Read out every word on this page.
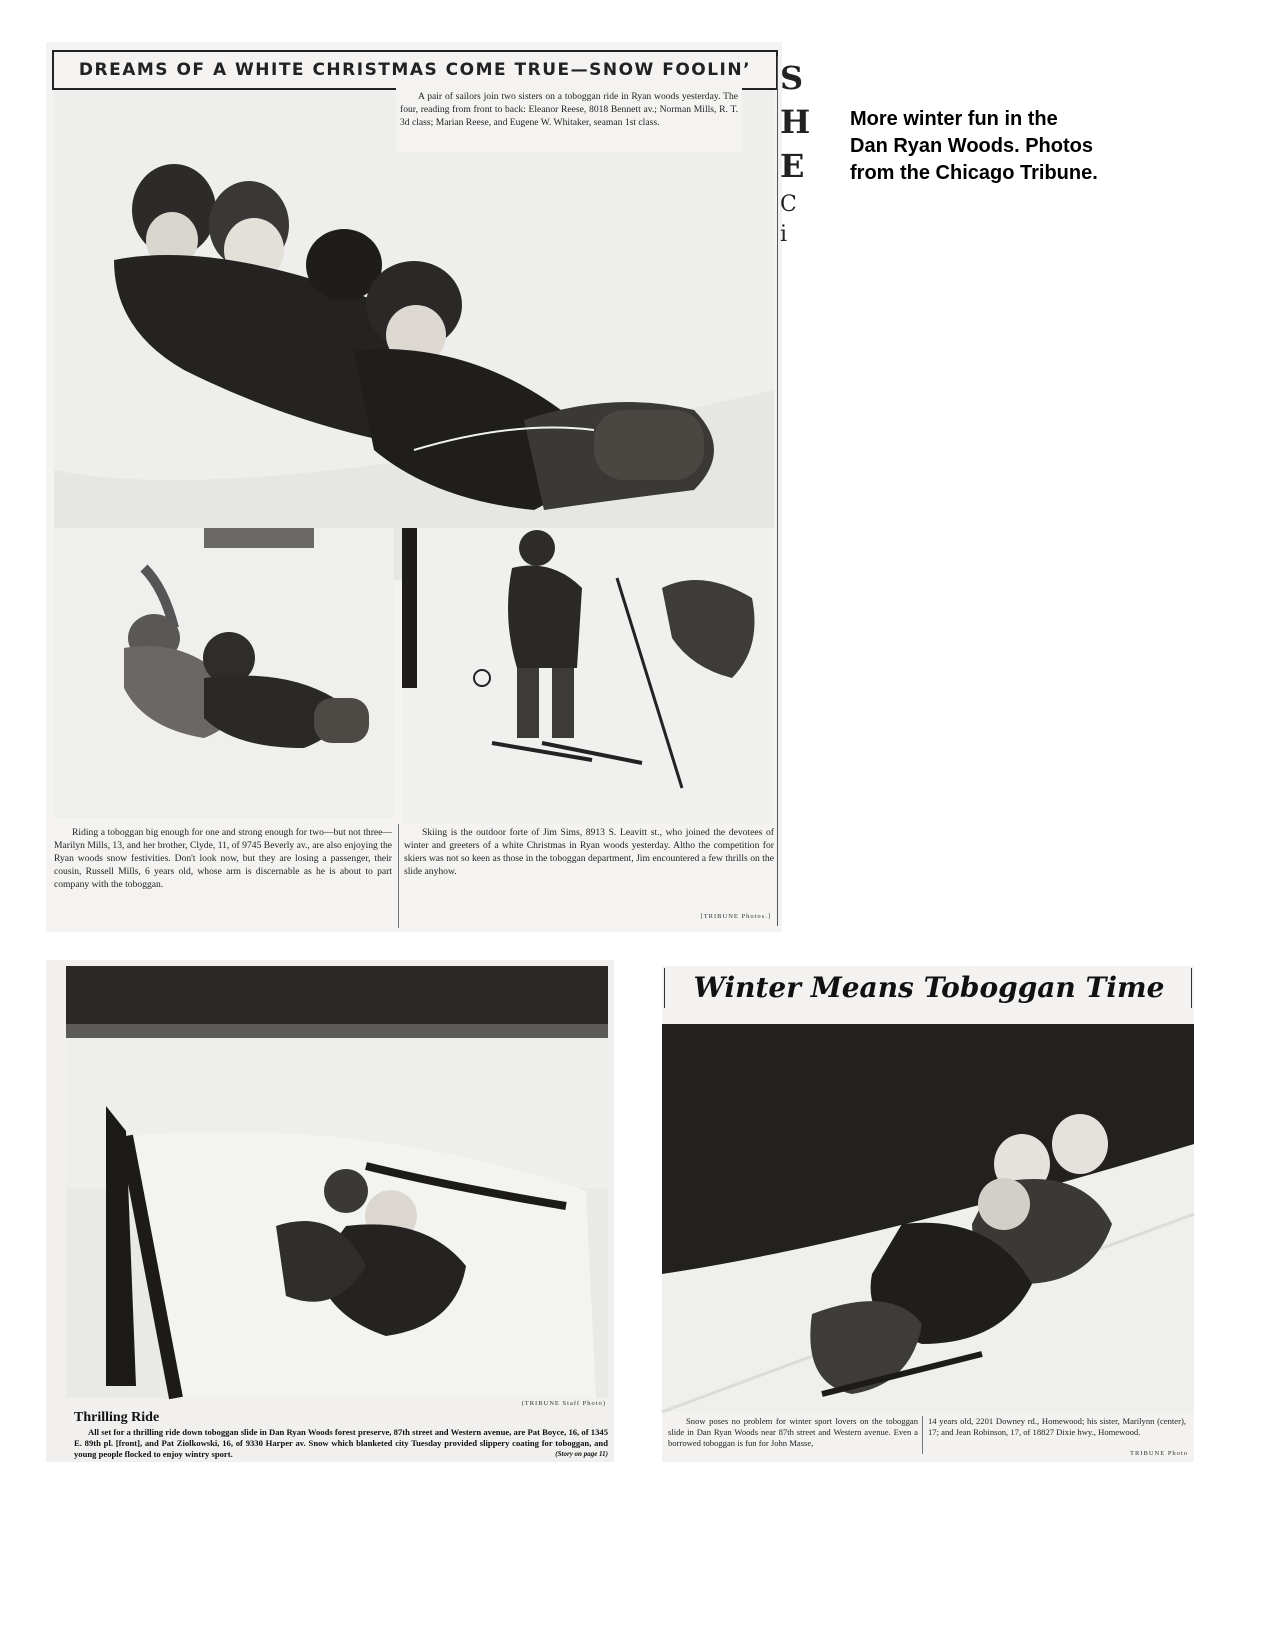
More winter fun in the
Dan Ryan Woods. Photos
from the Chicago Tribune.
DREAMS OF A WHITE CHRISTMAS COME TRUE—SNOW FOOLIN’

A pair of sailors join two sisters on a toboggan ride in Ryan woods yesterday. The four, reading from front to back: Eleanor Reese, 8018 Bennett av.; Norman Mills, R. T. 3d class; Marian Reese, and Eugene W. Whitaker, seaman 1st class.

Riding a toboggan big enough for one and strong enough for two—but not three—Marilyn Mills, 13, and her brother, Clyde, 11, of 9745 Beverly av., are also enjoying the Ryan woods snow festivities. Don't look now, but they are losing a passenger, their cousin, Russell Mills, 6 years old, whose arm is discernable as he is about to part company with the toboggan.

Skiing is the outdoor forte of Jim Sims, 8913 S. Leavitt st., who joined the devotees of winter and greeters of a white Christmas in Ryan woods yesterday. Altho the competition for skiers was not so keen as those in the toboggan department, Jim encountered a few thrills on the slide anyhow.

[TRIBUNE Photos.]
S
H
E
C
i
(TRIBUNE Staff Photo)
Thrilling Ride
All set for a thrilling ride down toboggan slide in Dan Ryan Woods forest preserve, 87th street and Western avenue, are Pat Boyce, 16, of 1345 E. 89th pl. [front], and Pat Ziolkowski, 16, of 9330 Harper av. Snow which blanketed city Tuesday provided slippery coating for toboggan, and young people flocked to enjoy wintry sport.	(Story on page 11)
Winter Means Toboggan Time

Snow poses no problem for winter sport lovers on the toboggan slide in Dan Ryan Woods near 87th street and Western avenue. Even a borrowed toboggan is fun for John Masse,

14 years old, 2201 Downey rd., Homewood; his sister, Marilynn (center), 17; and Jean Robinson, 17, of 18827 Dixie hwy., Homewood.

TRIBUNE Photo
